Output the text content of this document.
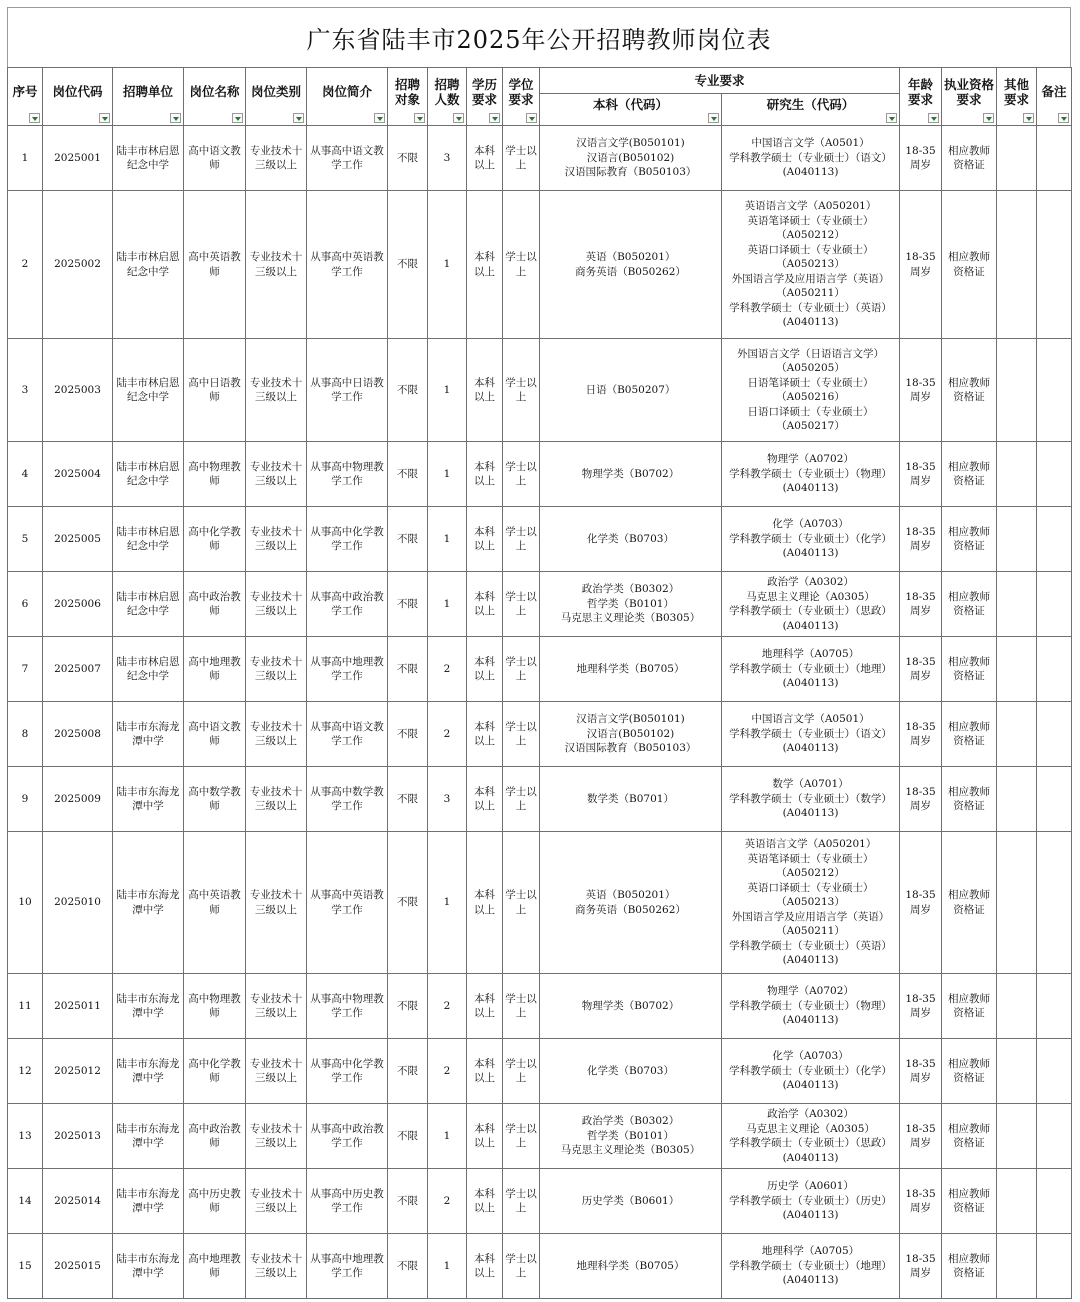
广东省陆丰市2025年公开招聘教师岗位表
序号	岗位代码	招聘单位	岗位名称	岗位类别	岗位简介	招聘对象	招聘人数	学历要求	学位要求	专业要求		年龄要求	执业资格要求	其他要求	备注

										本科（代码）	研究生（代码）				

1	2025001	陆丰市林启恩纪念中学	高中语文教师	专业技术十三级以上	从事高中语文教学工作	不限	3	本科以上	学士以上	汉语言文学(B050101)
汉语言(B050102)
汉语国际教育（B050103）	中国语言文学（A0501）
学科教学硕士（专业硕士）（语文）(A040113)	18-35周岁	相应教师资格证		
2	2025002	陆丰市林启恩纪念中学	高中英语教师	专业技术十三级以上	从事高中英语教学工作	不限	1	本科以上	学士以上	英语（B050201）
商务英语（B050262）	英语语言文学（A050201）
英语笔译硕士（专业硕士）（A050212）
英语口译硕士（专业硕士）（A050213）
外国语言学及应用语言学（英语）（A050211）
学科教学硕士（专业硕士）（英语）(A040113)	18-35周岁	相应教师资格证		
3	2025003	陆丰市林启恩纪念中学	高中日语教师	专业技术十三级以上	从事高中日语教学工作	不限	1	本科以上	学士以上	日语（B050207）	外国语言文学（日语语言文学）（A050205）
日语笔译硕士（专业硕士）（A050216）
日语口译硕士（专业硕士）（A050217）	18-35周岁	相应教师资格证		
4	2025004	陆丰市林启恩纪念中学	高中物理教师	专业技术十三级以上	从事高中物理教学工作	不限	1	本科以上	学士以上	物理学类（B0702）	物理学（A0702）
学科教学硕士（专业硕士）（物理）(A040113)	18-35周岁	相应教师资格证		
5	2025005	陆丰市林启恩纪念中学	高中化学教师	专业技术十三级以上	从事高中化学教学工作	不限	1	本科以上	学士以上	化学类（B0703）	化学（A0703）
学科教学硕士（专业硕士）（化学）(A040113)	18-35周岁	相应教师资格证		
6	2025006	陆丰市林启恩纪念中学	高中政治教师	专业技术十三级以上	从事高中政治教学工作	不限	1	本科以上	学士以上	政治学类（B0302）
哲学类（B0101）
马克思主义理论类（B0305）	政治学（A0302）
马克思主义理论（A0305）
学科教学硕士（专业硕士）（思政）(A040113)	18-35周岁	相应教师资格证		
7	2025007	陆丰市林启恩纪念中学	高中地理教师	专业技术十三级以上	从事高中地理教学工作	不限	2	本科以上	学士以上	地理科学类（B0705）	地理科学（A0705）
学科教学硕士（专业硕士）（地理）(A040113)	18-35周岁	相应教师资格证		
8	2025008	陆丰市东海龙潭中学	高中语文教师	专业技术十三级以上	从事高中语文教学工作	不限	2	本科以上	学士以上	汉语言文学(B050101)
汉语言(B050102)
汉语国际教育（B050103）	中国语言文学（A0501）
学科教学硕士（专业硕士）（语文）(A040113)	18-35周岁	相应教师资格证		
9	2025009	陆丰市东海龙潭中学	高中数学教师	专业技术十三级以上	从事高中数学教学工作	不限	3	本科以上	学士以上	数学类（B0701）	数学（A0701）
学科教学硕士（专业硕士）（数学）(A040113)	18-35周岁	相应教师资格证		
10	2025010	陆丰市东海龙潭中学	高中英语教师	专业技术十三级以上	从事高中英语教学工作	不限	1	本科以上	学士以上	英语（B050201）
商务英语（B050262）	英语语言文学（A050201）
英语笔译硕士（专业硕士）（A050212）
英语口译硕士（专业硕士）（A050213）
外国语言学及应用语言学（英语）（A050211）
学科教学硕士（专业硕士）（英语）(A040113)	18-35周岁	相应教师资格证		
11	2025011	陆丰市东海龙潭中学	高中物理教师	专业技术十三级以上	从事高中物理教学工作	不限	2	本科以上	学士以上	物理学类（B0702）	物理学（A0702）
学科教学硕士（专业硕士）（物理）(A040113)	18-35周岁	相应教师资格证		
12	2025012	陆丰市东海龙潭中学	高中化学教师	专业技术十三级以上	从事高中化学教学工作	不限	2	本科以上	学士以上	化学类（B0703）	化学（A0703）
学科教学硕士（专业硕士）（化学）(A040113)	18-35周岁	相应教师资格证		
13	2025013	陆丰市东海龙潭中学	高中政治教师	专业技术十三级以上	从事高中政治教学工作	不限	1	本科以上	学士以上	政治学类（B0302）
哲学类（B0101）
马克思主义理论类（B0305）	政治学（A0302）
马克思主义理论（A0305）
学科教学硕士（专业硕士）（思政）(A040113)	18-35周岁	相应教师资格证		
14	2025014	陆丰市东海龙潭中学	高中历史教师	专业技术十三级以上	从事高中历史教学工作	不限	2	本科以上	学士以上	历史学类（B0601）	历史学（A0601）
学科教学硕士（专业硕士）（历史）(A040113)	18-35周岁	相应教师资格证		
15	2025015	陆丰市东海龙潭中学	高中地理教师	专业技术十三级以上	从事高中地理教学工作	不限	1	本科以上	学士以上	地理科学类（B0705）	地理科学（A0705）
学科教学硕士（专业硕士）（地理）(A040113)	18-35周岁	相应教师资格证		
